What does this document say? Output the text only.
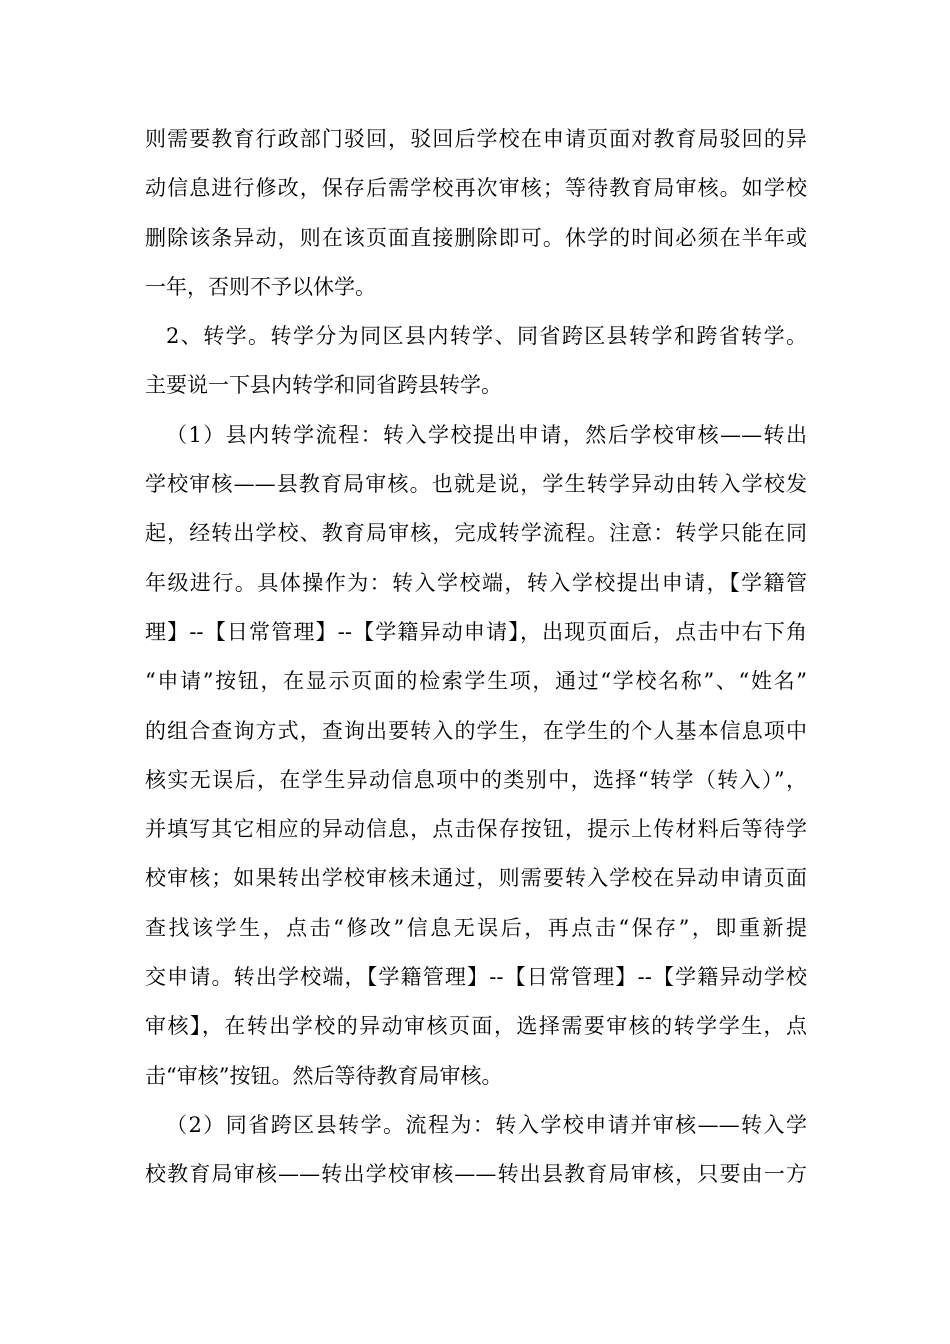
则需要教育行政部门驳回，驳回后学校在申请页面对教育局驳回的异
动信息进行修改，保存后需学校再次审核；等待教育局审核。如学校
删除该条异动，则在该页面直接删除即可。休学的时间必须在半年或
一年，否则不予以休学。
2、转学。转学分为同区县内转学、同省跨区县转学和跨省转学。
主要说一下县内转学和同省跨县转学。
（1）县内转学流程：转入学校提出申请，然后学校审核——转出
学校审核——县教育局审核。也就是说，学生转学异动由转入学校发
起，经转出学校、教育局审核，完成转学流程。注意：转学只能在同
年级进行。具体操作为：转入学校端，转入学校提出申请，【学籍管
理】--【日常管理】--【学籍异动申请】，出现页面后，点击中右下角
“申请”按钮，在显示页面的检索学生项，通过“学校名称”、“姓名”
的组合查询方式，查询出要转入的学生，在学生的个人基本信息项中
核实无误后，在学生异动信息项中的类别中，选择“转学（转入）”，
并填写其它相应的异动信息，点击保存按钮，提示上传材料后等待学
校审核；如果转出学校审核未通过，则需要转入学校在异动申请页面
查找该学生，点击“修改”信息无误后，再点击“保存”，即重新提
交申请。转出学校端，【学籍管理】--【日常管理】--【学籍异动学校
审核】，在转出学校的异动审核页面，选择需要审核的转学学生，点
击“审核”按钮。然后等待教育局审核。
（2）同省跨区县转学。流程为：转入学校申请并审核——转入学
校教育局审核——转出学校审核——转出县教育局审核，只要由一方
